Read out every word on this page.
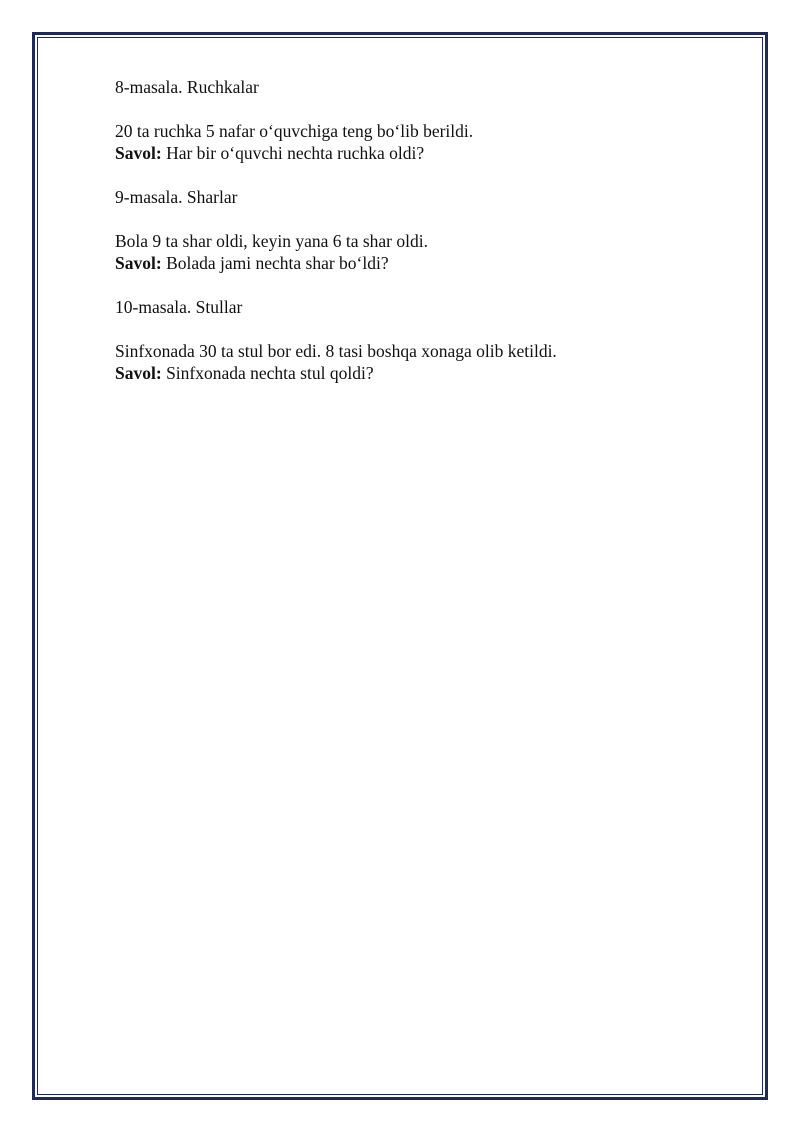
8-masala. Ruchkalar

20 ta ruchka 5 nafar o‘quvchiga teng bo‘lib berildi.

Savol: Har bir o‘quvchi nechta ruchka oldi?

9-masala. Sharlar

Bola 9 ta shar oldi, keyin yana 6 ta shar oldi.

Savol: Bolada jami nechta shar bo‘ldi?

10-masala. Stullar

Sinfxonada 30 ta stul bor edi. 8 tasi boshqa xonaga olib ketildi.

Savol: Sinfxonada nechta stul qoldi?
